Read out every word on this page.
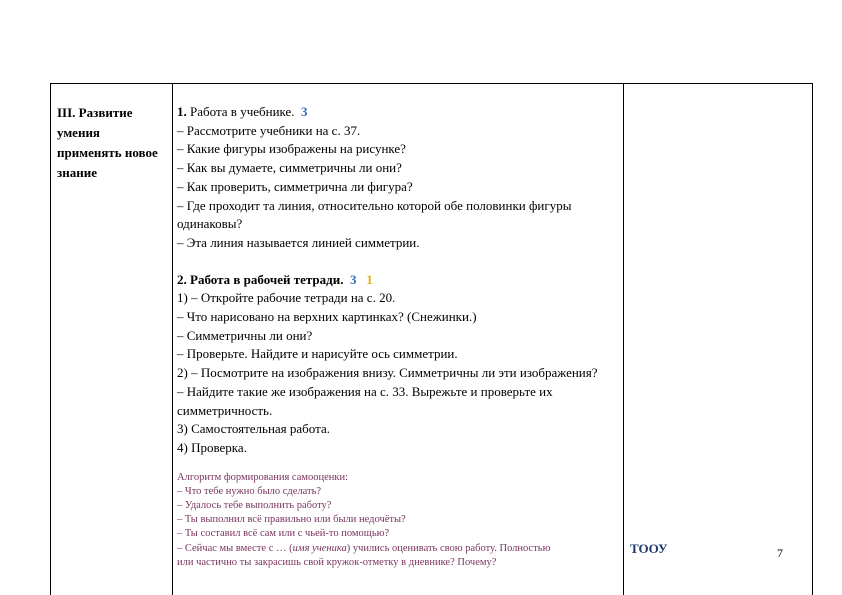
III. Развитие
умения
применять новое
знание
1. Работа в учебнике. 3
– Рассмотрите учебники на с. 37.
– Какие фигуры изображены на рисунке?
– Как вы думаете, симметричны ли они?
– Как проверить, симметрична ли фигура?
– Где проходит та линия, относительно которой обе половинки фигуры
одинаковы?
– Эта линия называется линией симметрии.
2. Работа в рабочей тетради. 3 1
1) – Откройте рабочие тетради на с. 20.
– Что нарисовано на верхних картинках? (Снежинки.)
– Симметричны ли они?
– Проверьте. Найдите и нарисуйте ось симметрии.
2) – Посмотрите на изображения внизу. Симметричны ли эти изображения?
– Найдите такие же изображения на с. 33. Вырежьте и проверьте их
симметричность.
3) Самостоятельная работа.
4) Проверка.
Алгоритм формирования самооценки:
– Что тебе нужно было сделать?
– Удалось тебе выполнить работу?
– Ты выполнил всё правильно или были недочёты?
– Ты составил всё сам или с чьей-то помощью?
– Сейчас мы вместе с … (имя ученика) учились оценивать свою работу. Полностью
или частично ты закрасишь свой кружок-отметку в дневнике? Почему?
ТООУ	7
